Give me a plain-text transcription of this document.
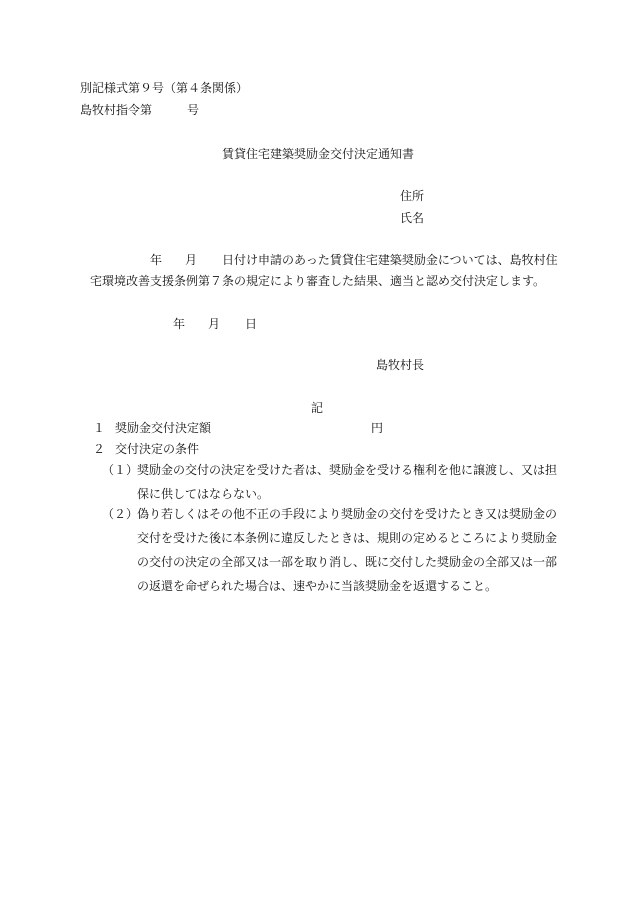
別記様式第９号（第４条関係）
島牧村指令第	号
賃貸住宅建築奨励金交付決定通知書
住所
氏名
年 月 日付け申請のあった賃貸住宅建築奨励金については、島牧村住
宅環境改善支援条例第７条の規定により審査した結果、適当と認め交付決定します。
年 月 日
島牧村長
記
１ 奨励金交付決定額	円
２ 交付決定の条件
（１）
奨励金の交付の決定を受けた者は、奨励金を受ける権利を他に譲渡し、又は担保に供してはならない。
（２）
偽り若しくはその他不正の手段により奨励金の交付を受けたとき又は奨励金の交付を受けた後に本条例に違反したときは、規則の定めるところにより奨励金の交付の決定の全部又は一部を取り消し、既に交付した奨励金の全部又は一部の返還を命ぜられた場合は、速やかに当該奨励金を返還すること。
